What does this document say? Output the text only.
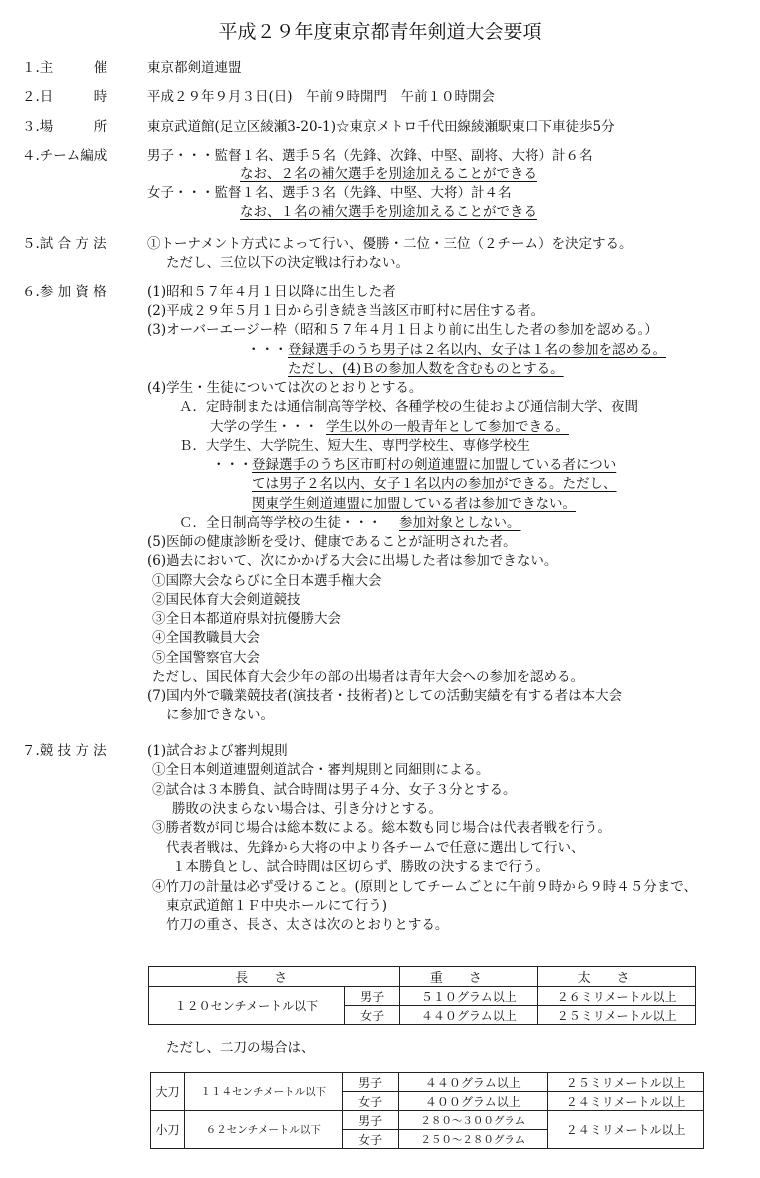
平成２９年度東京都青年剣道大会要項
１.主　　　催	東京都剣道連盟
２.日　　　時	平成２９年９月３日(日)　午前９時開門　午前１０時開会
３.場　　　所	東京武道館(足立区綾瀬3-20-1)☆東京メトロ千代田線綾瀬駅東口下車徒歩5分
４.チーム編成	男子・・・監督１名、選手５名（先鋒、次鋒、中堅、副将、大将）計６名
なお、２名の補欠選手を別途加えることができる
女子・・・監督１名、選手３名（先鋒、中堅、大将）計４名
なお、１名の補欠選手を別途加えることができる
５.試 合 方 法	①トーナメント方式によって行い、優勝・二位・三位（２チーム）を決定する。
ただし、三位以下の決定戦は行わない。
６.参 加 資 格	(1)昭和５７年４月１日以降に出生した者
(2)平成２９年５月１日から引き続き当該区市町村に居住する者。
(3)オーバーエージー枠（昭和５７年４月１日より前に出生した者の参加を認める。）
・・・ 登録選手のうち男子は２名以内、女子は１名の参加を認める。
ただし、(4)Ｂの参加人数を含むものとする。
(4)学生・生徒については次のとおりとする。
Ａ．定時制または通信制高等学校、各種学校の生徒および通信制大学、夜間
大学の学生・・・ 学生以外の一般青年として参加できる。
Ｂ．大学生、大学院生、短大生、専門学校生、専修学校生
・・・ 登録選手のうち区市町村の剣道連盟に加盟している者につい
ては男子２名以内、女子１名以内の参加ができる。ただし、
関東学生剣道連盟に加盟している者は参加できない。
Ｃ．全日制高等学校の生徒・・・ 参加対象としない。
(5)医師の健康診断を受け、健康であることが証明された者。
(6)過去において、次にかかげる大会に出場した者は参加できない。
①国際大会ならびに全日本選手権大会
②国民体育大会剣道競技
③全日本都道府県対抗優勝大会
④全国教職員大会
⑤全国警察官大会
ただし、国民体育大会少年の部の出場者は青年大会への参加を認める。
(7)国内外で職業競技者(演技者・技術者)としての活動実績を有する者は本大会
に参加できない。
７.競 技 方 法	(1)試合および審判規則
①全日本剣道連盟剣道試合・審判規則と同細則による。
②試合は３本勝負、試合時間は男子４分、女子３分とする。
勝敗の決まらない場合は、引き分けとする。
③勝者数が同じ場合は総本数による。総本数も同じ場合は代表者戦を行う。
代表者戦は、先鋒から大将の中より各チームで任意に選出して行い、
１本勝負とし、試合時間は区切らず、勝敗の決するまで行う。
④竹刀の計量は必ず受けること。(原則としてチームごとに午前９時から９時４５分まで、
東京武道館１Ｆ中央ホールにて行う)
竹刀の重さ、長さ、太さは次のとおりとする。
長さ		重さ	太さ
１２０センチメートル以下	男子	５１０グラム以上	２６ミリメートル以上
	女子	４４０グラム以上	２５ミリメートル以上
ただし、二刀の場合は、
大刀	１１４センチメートル以下	男子	４４０グラム以上	２５ミリメートル以上
		女子	４００グラム以上	２４ミリメートル以上
小刀	６２センチメートル以下	男子	２８０～３００グラム	２４ミリメートル以上
		女子	２５０～２８０グラム	
